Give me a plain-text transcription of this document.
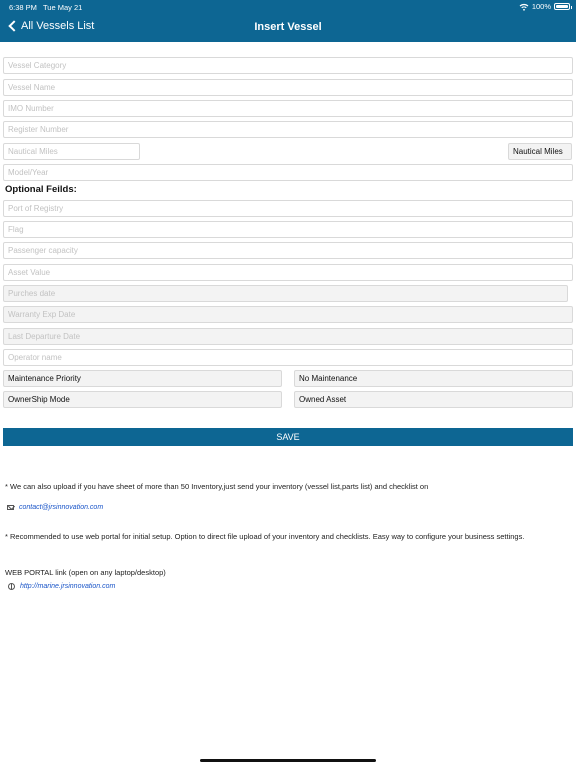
6:38 PM Tue May 21	100%
All Vessels List	Insert Vessel
Vessel Category
Vessel Name
IMO Number
Register Number
Nautical Miles
Nautical Miles
Model/Year
Optional Feilds:
Port of Registry
Flag
Passenger capacity
Asset Value
Purches date
Warranty Exp Date
Last Departure Date
Operator name
Maintenance Priority	No Maintenance
OwnerShip Mode	Owned Asset
SAVE
* We can also upload if you have sheet of more than 50 Inventory,just send your inventory (vessel list,parts list) and checklist on
contact@jrsinnovation.com
* Recommended to use web portal for initial setup. Option to direct file upload of your inventory and checklists. Easy way to configure your business settings.
WEB PORTAL link (open on any laptop/desktop)
http://marine.jrsinnovation.com
